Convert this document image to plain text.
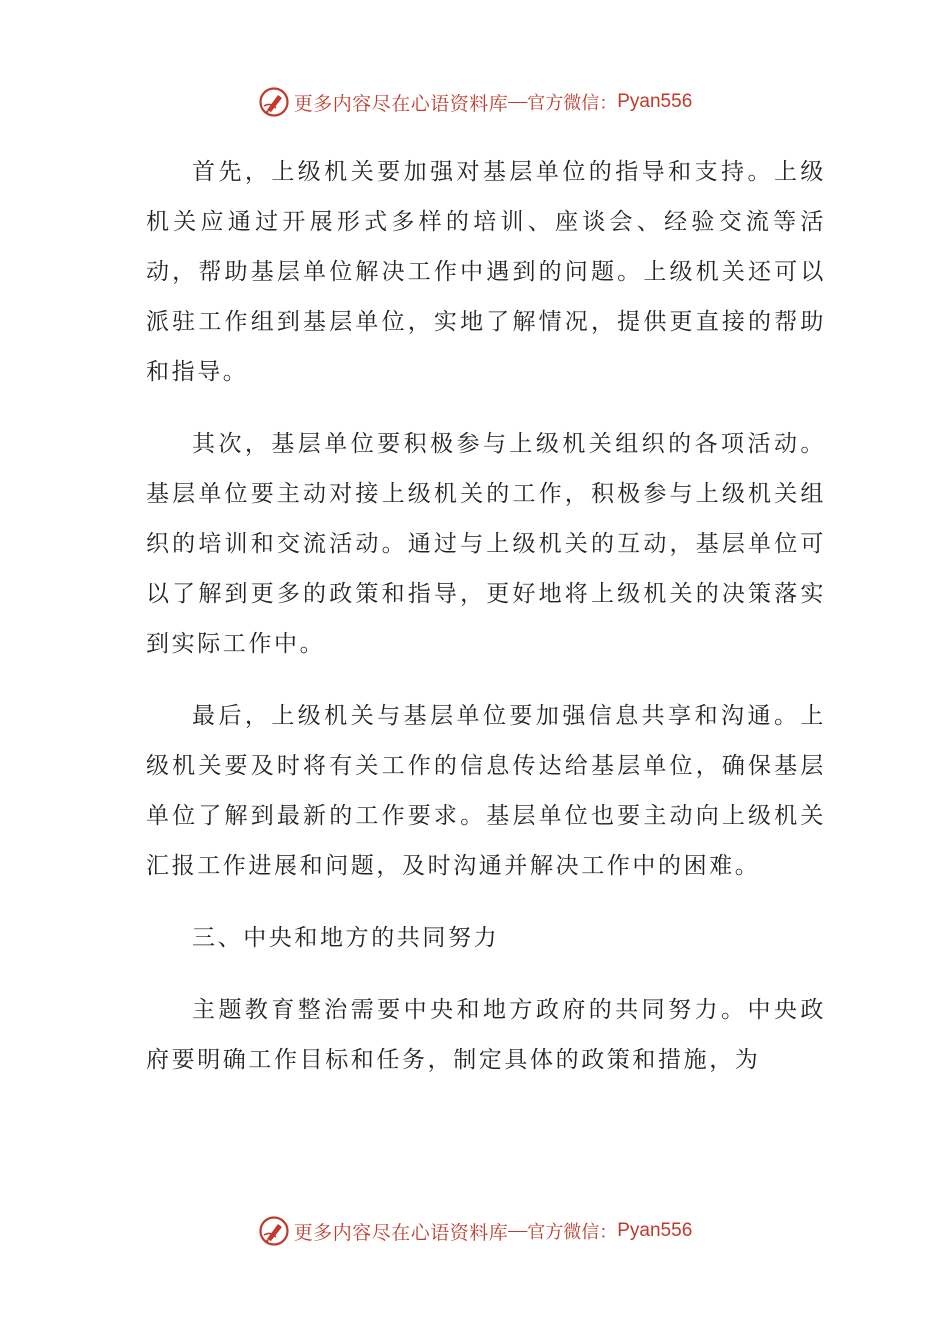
更多内容尽在心语资料库 — 官方微信： Pyan556

首先，上级机关要加强对基层单位的指导和支持。上级机关应通过开展形式多样的培训、座谈会、经验交流等活动，帮助基层单位解决工作中遇到的问题。上级机关还可以派驻工作组到基层单位，实地了解情况，提供更直接的帮助和指导。

其次，基层单位要积极参与上级机关组织的各项活动。基层单位要主动对接上级机关的工作，积极参与上级机关组织的培训和交流活动。通过与上级机关的互动，基层单位可以了解到更多的政策和指导，更好地将上级机关的决策落实到实际工作中。

最后，上级机关与基层单位要加强信息共享和沟通。上级机关要及时将有关工作的信息传达给基层单位，确保基层单位了解到最新的工作要求。基层单位也要主动向上级机关汇报工作进展和问题，及时沟通并解决工作中的困难。

三、中央和地方的共同努力

主题教育整治需要中央和地方政府的共同努力。中央政府要明确工作目标和任务，制定具体的政策和措施，为

更多内容尽在心语资料库 — 官方微信： Pyan556
